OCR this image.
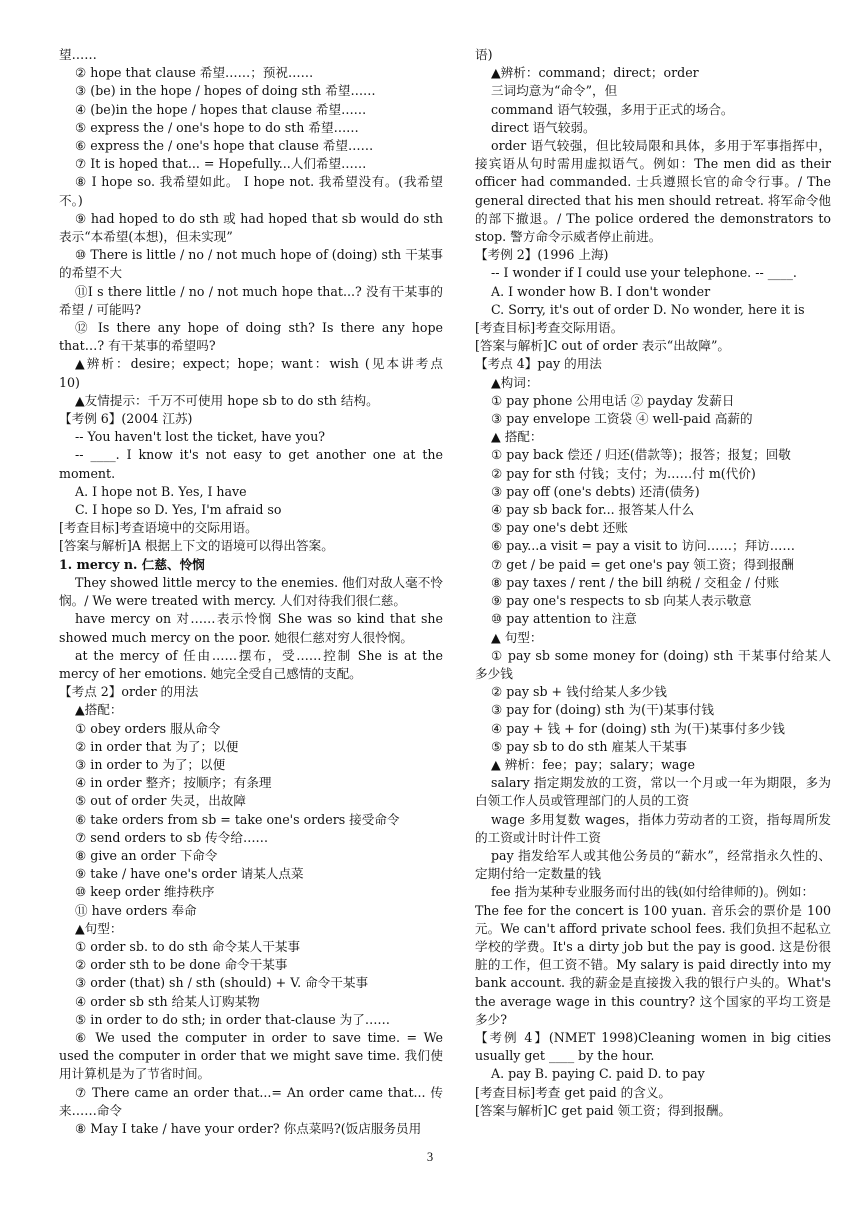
望……
② hope that clause 希望……；预祝……
③ (be) in the hope / hopes of doing sth 希望……
④ (be)in the hope / hopes that clause 希望……
⑤ express the / one's hope to do sth 希望……
⑥ express the / one's hope that clause 希望……
⑦ It is hoped that... = Hopefully...人们希望……
⑧ I hope so. 我希望如此。 I hope not. 我希望没有。(我希望不。)
⑨ had hoped to do sth 或 had hoped that sb would do sth 表示“本希望(本想)，但未实现”
⑩ There is little / no / not much hope of (doing) sth 干某事的希望不大
⑪I s there little / no / not much hope that...? 没有干某事的希望 / 可能吗?
⑫ Is there any hope of doing sth? Is there any hope that…? 有干某事的希望吗?
▲辨析：desire；expect；hope；want：wish (见本讲考点 10)
▲友情提示：千万不可使用 hope sb to do sth 结构。
【考例 6】(2004 江苏)
-- You haven't lost the ticket, have you?
-- ____. I know it's not easy to get another one at the moment.
A. I hope not B. Yes, I have
C. I hope so D. Yes, I'm afraid so
[考查目标]考查语境中的交际用语。
[答案与解析]A 根据上下文的语境可以得出答案。
1. mercy n. 仁慈、怜悯
They showed little mercy to the enemies. 他们对敌人毫不怜悯。/ We were treated with mercy. 人们对待我们很仁慈。
have mercy on 对……表示怜悯 She was so kind that she showed much mercy on the poor. 她很仁慈对穷人很怜悯。
at the mercy of 任由……摆布，受……控制 She is at the mercy of her emotions. 她完全受自己感情的支配。
【考点 2】order 的用法
▲搭配：
① obey orders 服从命令
② in order that 为了；以便
③ in order to 为了；以便
④ in order 整齐；按顺序；有条理
⑤ out of order 失灵，出故障
⑥ take orders from sb = take one's orders 接受命令
⑦ send orders to sb 传令给……
⑧ give an order 下命令
⑨ take / have one's order 请某人点菜
⑩ keep order 维持秩序
⑪ have orders 奉命
▲句型：
① order sb. to do sth 命令某人干某事
② order sth to be done 命令干某事
③ order (that) sh / sth (should) + V. 命令干某事
④ order sb sth 给某人订购某物
⑤ in order to do sth; in order that-clause 为了……
⑥ We used the computer in order to save time. = We used the computer in order that we might save time. 我们使用计算机是为了节省时间。
⑦ There came an order that...= An order came that... 传来……命令
⑧ May I take / have your order? 你点菜吗?(饭店服务员用
语)
▲辨析：command；direct；order
三词均意为“命令”，但
command 语气较强，多用于正式的场合。
direct 语气较弱。
order 语气较强，但比较局限和具体，多用于军事指挥中，接宾语从句时需用虚拟语气。例如：The men did as their officer had commanded. 士兵遵照长官的命令行事。/ The general directed that his men should retreat. 将军命令他的部下撤退。/ The police ordered the demonstrators to stop. 警方命令示威者停止前进。
【考例 2】(1996 上海)
-- I wonder if I could use your telephone. -- ____.
A. I wonder how B. I don't wonder
C. Sorry, it's out of order D. No wonder, here it is
[考查目标]考查交际用语。
[答案与解析]C out of order 表示“出故障”。
【考点 4】pay 的用法
▲构词：
① pay phone 公用电话 ② payday 发薪日
③ pay envelope 工资袋 ④ well-paid 高薪的
▲ 搭配：
① pay back 偿还 / 归还(借款等)；报答；报复；回敬
② pay for sth 付钱；支付；为……付 m(代价)
③ pay off (one's debts) 还清(债务)
④ pay sb back for... 报答某人什么
⑤ pay one's debt 还账
⑥ pay...a visit = pay a visit to 访问……；拜访……
⑦ get / be paid = get one's pay 领工资；得到报酬
⑧ pay taxes / rent / the bill 纳税 / 交租金 / 付账
⑨ pay one's respects to sb 向某人表示敬意
⑩ pay attention to 注意
▲ 句型：
① pay sb some money for (doing) sth 干某事付给某人多少钱
② pay sb + 钱付给某人多少钱
③ pay for (doing) sth 为(干)某事付钱
④ pay + 钱 + for (doing) sth 为(干)某事付多少钱
⑤ pay sb to do sth 雇某人干某事
▲ 辨析：fee；pay；salary；wage
salary 指定期发放的工资，常以一个月或一年为期限，多为白领工作人员或管理部门的人员的工资
wage 多用复数 wages，指体力劳动者的工资，指每周所发的工资或计时计件工资
pay 指发给军人或其他公务员的“薪水”，经常指永久性的、定期付给一定数量的钱
fee 指为某种专业服务而付出的钱(如付给律师的)。例如：
The fee for the concert is 100 yuan. 音乐会的票价是 100 元。We can't afford private school fees. 我们负担不起私立学校的学费。It's a dirty job but the pay is good. 这是份很脏的工作，但工资不错。My salary is paid directly into my bank account. 我的薪金是直接拨入我的银行户头的。What's the average wage in this country? 这个国家的平均工资是多少?
【考例 4】(NMET 1998)Cleaning women in big cities usually get ____ by the hour.
A. pay B. paying C. paid D. to pay
[考查目标]考查 get paid 的含义。
[答案与解析]C get paid 领工资；得到报酬。
3
